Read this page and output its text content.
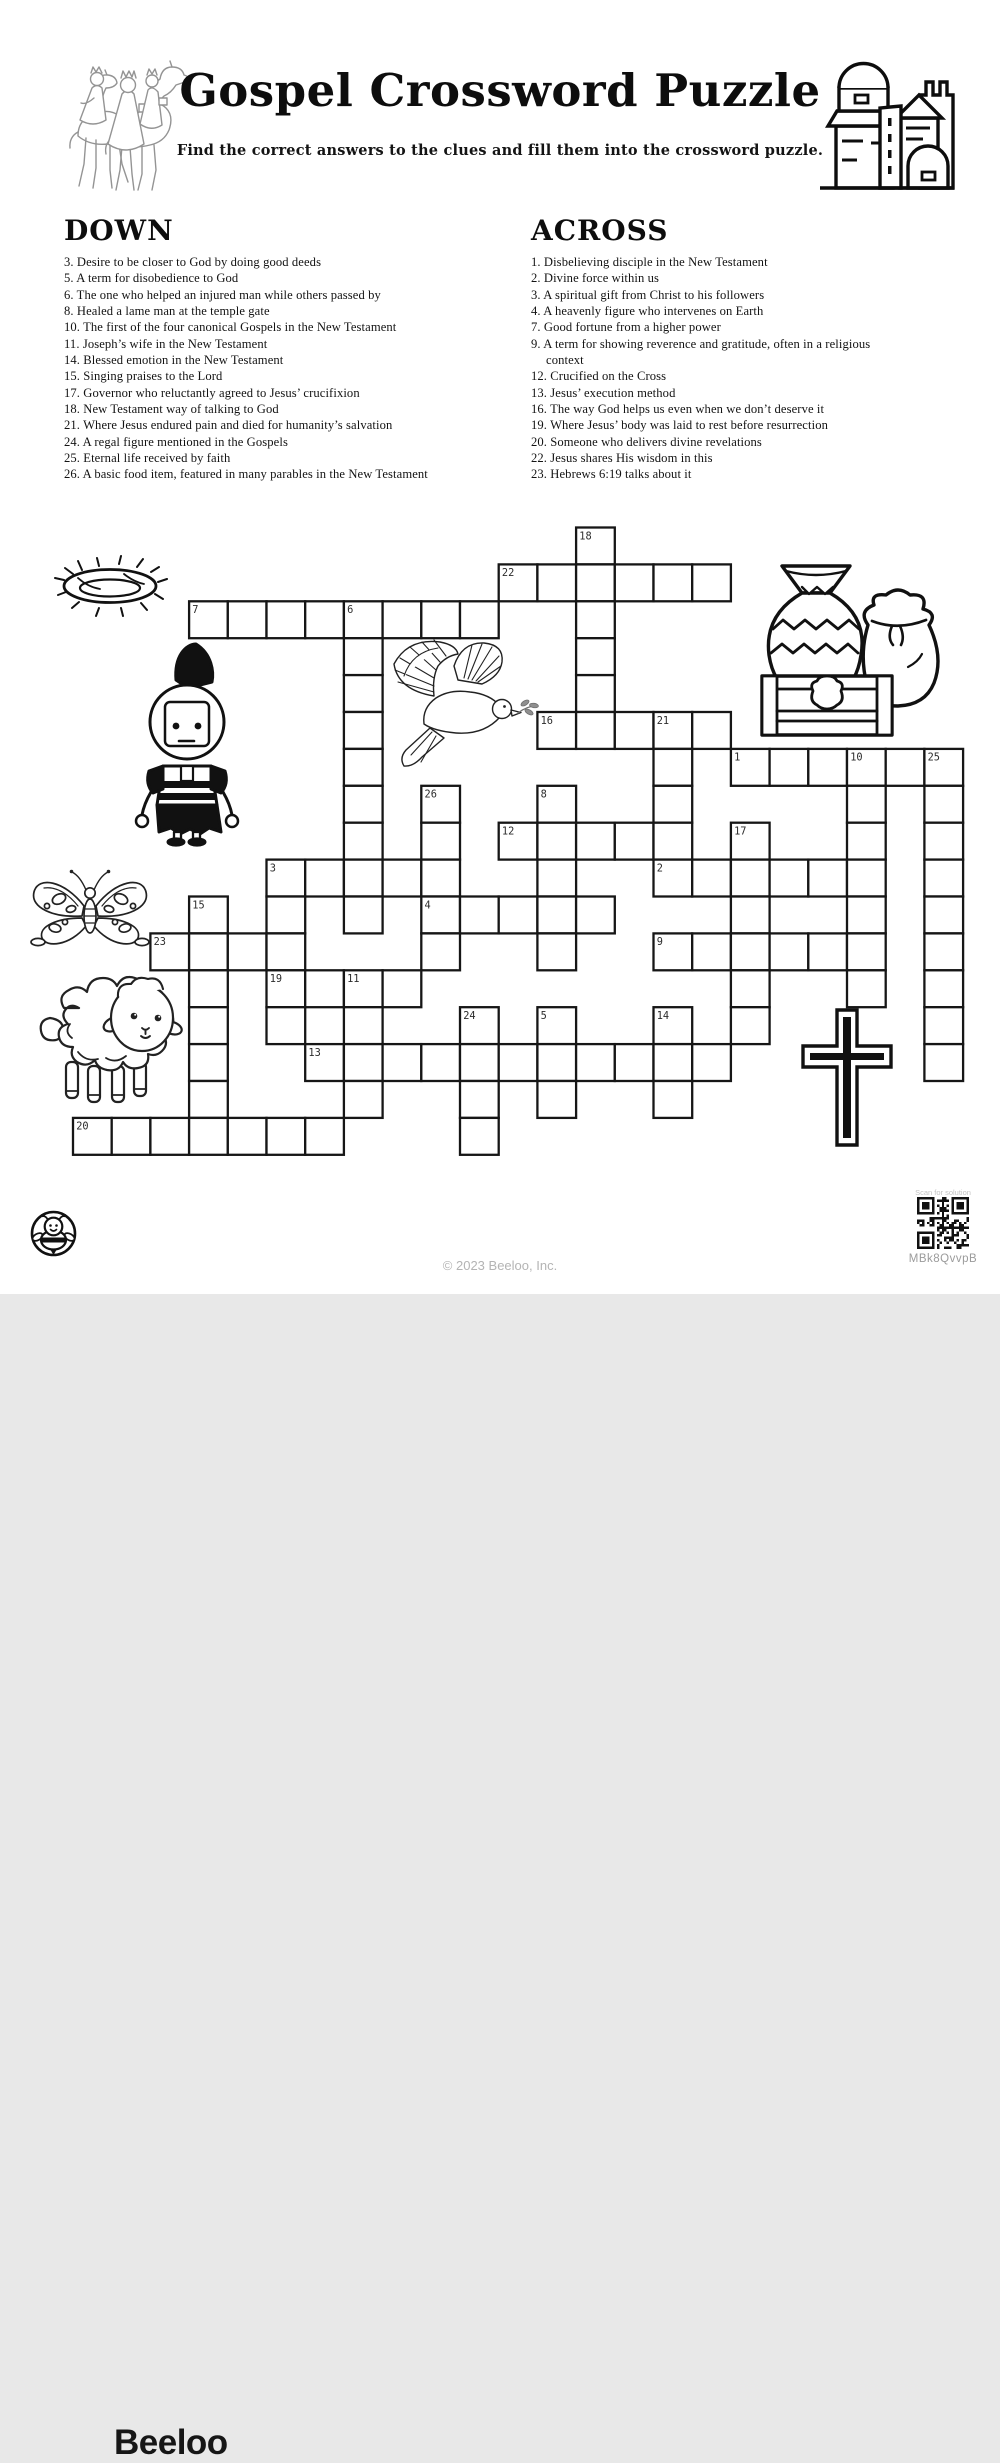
Gospel Crossword Puzzle
Find the correct answers to the clues and fill them into the crossword puzzle.
DOWN
3. Desire to be closer to God by doing good deeds
5. A term for disobedience to God
6. The one who helped an injured man while others passed by
8. Healed a lame man at the temple gate
10. The first of the four canonical Gospels in the New Testament
11. Joseph’s wife in the New Testament
14. Blessed emotion in the New Testament
15. Singing praises to the Lord
17. Governor who reluctantly agreed to Jesus’ crucifixion
18. New Testament way of talking to God
21. Where Jesus endured pain and died for humanity’s salvation
24. A regal figure mentioned in the Gospels
25. Eternal life received by faith
26. A basic food item, featured in many parables in the New Testament
ACROSS
1. Disbelieving disciple in the New Testament
2. Divine force within us
3. A spiritual gift from Christ to his followers
4. A heavenly figure who intervenes on Earth
7. Good fortune from a higher power
9. A term for showing reverence and gratitude, often in a religious context
12. Crucified on the Cross
13. Jesus’ execution method
16. The way God helps us even when we don’t deserve it
19. Where Jesus’ body was laid to rest before resurrection
20. Someone who delivers divine revelations
22. Jesus shares His wisdom in this
23. Hebrews 6:19 talks about it
18
22
7	6
16	21
1	10	25
26	8
12	17
3	2
15	4
23	9
19	11
24	5	14
13
20
Beeloo
© 2023 Beeloo, Inc.
Scan for solution
MBk8QvvpB
